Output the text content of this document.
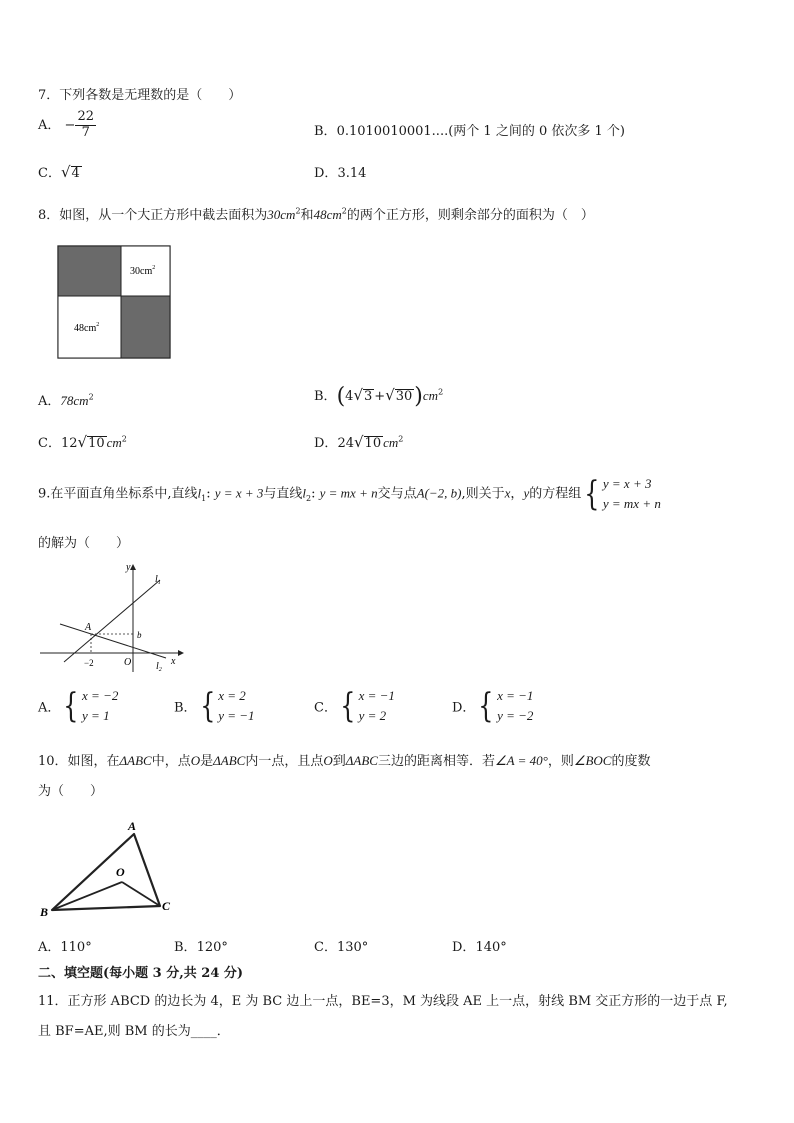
7．下列各数是无理数的是（　　）
A． − $\frac{22}{7}$	B．0.1010010001....(两个 1 之间的 0 依次多 1 个)
C．√4	D．3.14
8．如图，从一个大正方形中截去面积为$30cm^2$和$48cm^2$的两个正方形，则剩余部分的面积为（　）
$30cm^2$
$48cm^2$
A．$78cm^2$	B．$(4√3 +√30)cm^2$
C．12√10 $cm^2$	D．24√10 $cm^2$
9.在平面直角坐标系中,直线$l_1$: y = x + 3与直线$l_2$: y = mx + n交与点A(−2, b),则关于x，y的方程组{ y = x + 3
y = mx + n
的解为（　　）
y
$l_1$
A
b
−2	O	x
$l_2$
A．{ x = −2
y = 1	B．{ x = 2
y = −1	C．{ x = −1
y = 2	D．{ x = −1
y = −2
10．如图，在ΔABC中，点O是ΔABC内一点，且点O到ΔABC三边的距离相等．若∠A = 40°，则∠BOC的度数
为（　　）
A
B	C
O
A．110°	B．120°	C．130°	D．140°
二、填空题(每小题 3 分,共 24 分)
11．正方形 ABCD 的边长为 4，E 为 BC 边上一点，BE=3，M 为线段 AE 上一点，射线 BM 交正方形的一边于点 F,
且 BF=AE,则 BM 的长为____．
